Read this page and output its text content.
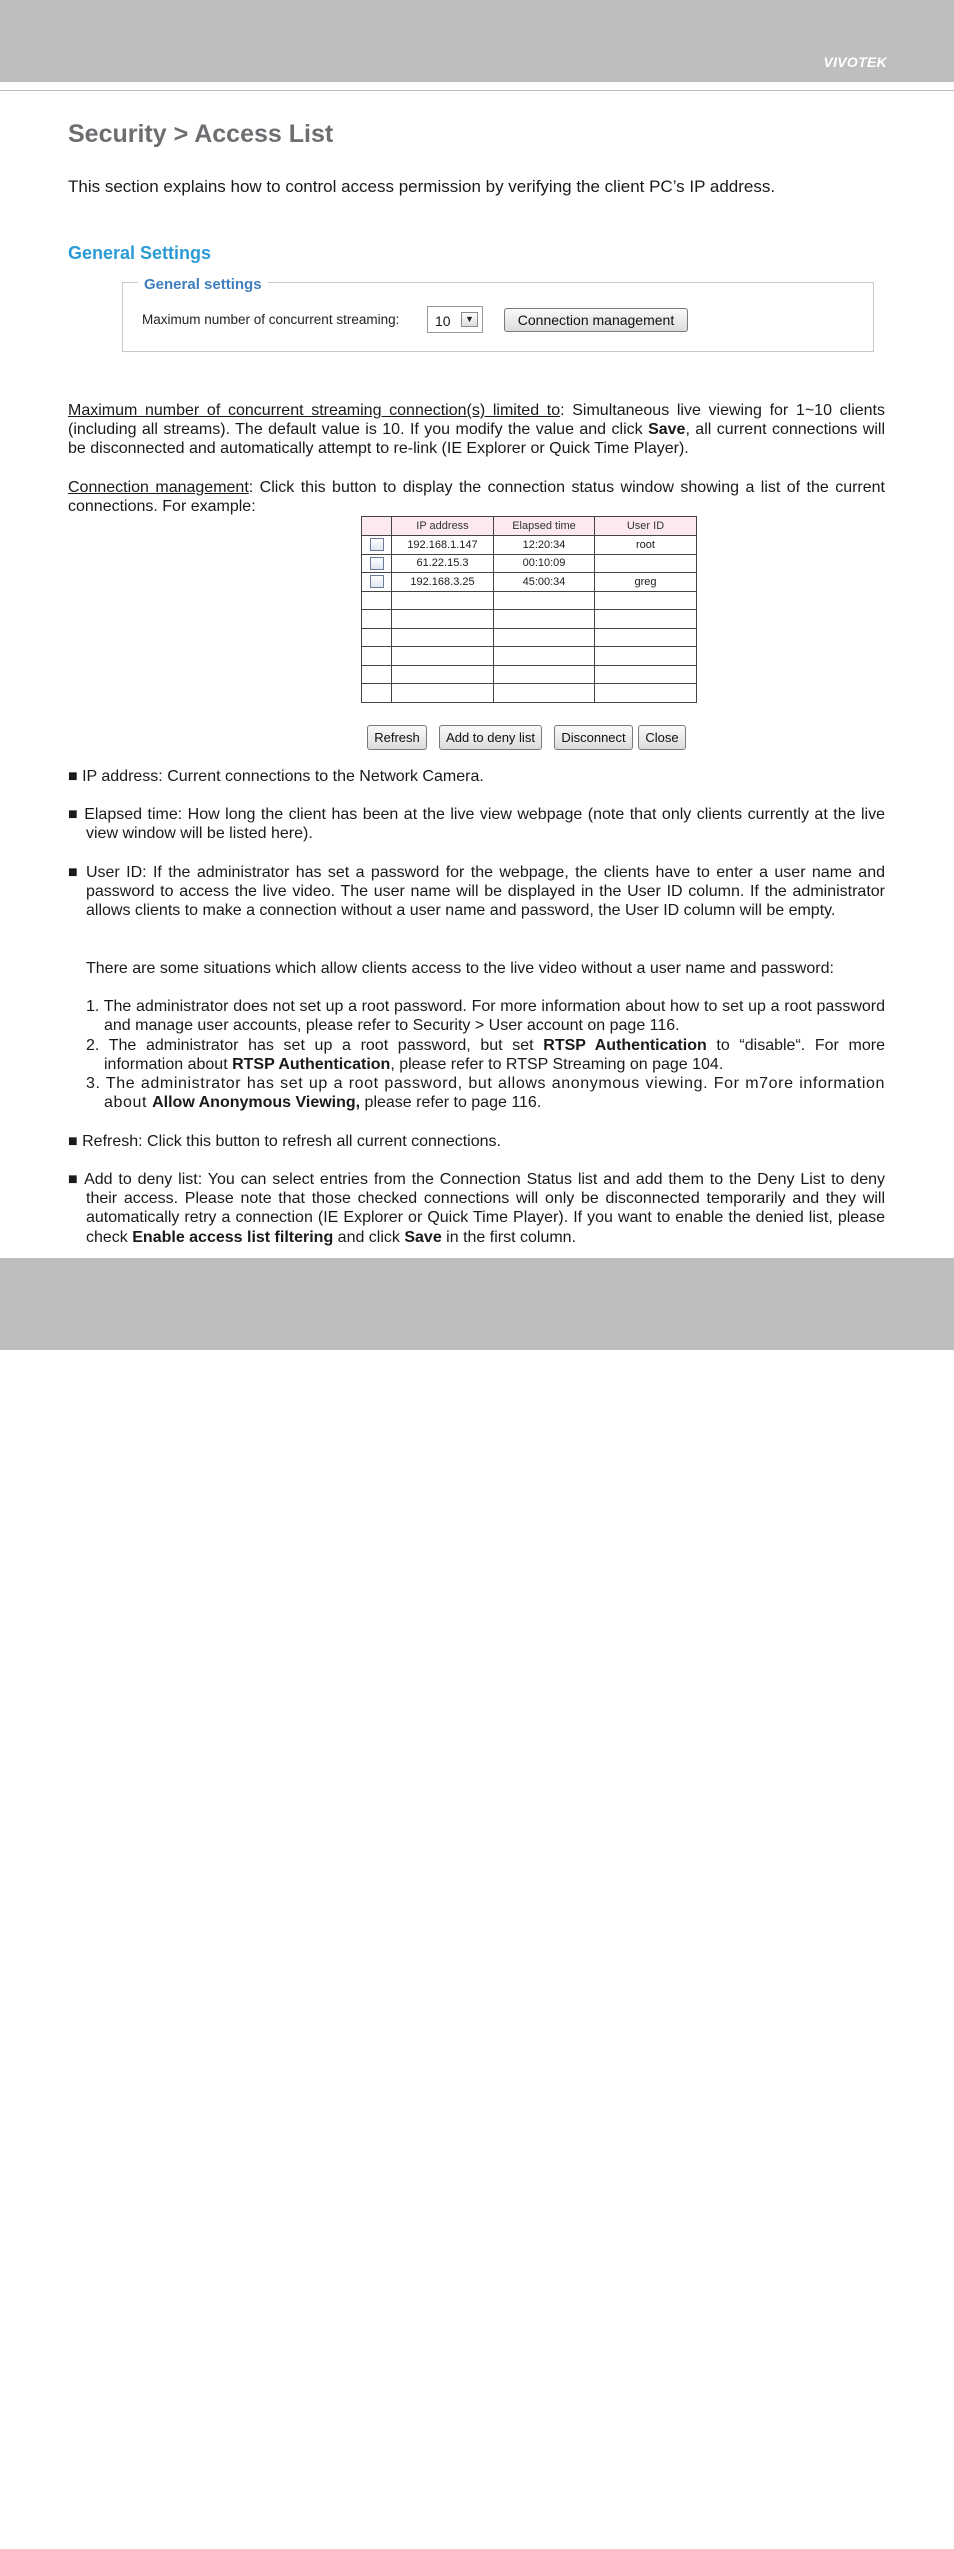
VIVOTEK
Security > Access List
This section explains how to control access permission by verifying the client PC’s IP address.
General Settings
General settings
Maximum number of concurrent streaming:	10	▼	Connection management

Maximum number of concurrent streaming connection(s) limited to: Simultaneous live viewing for 1~10 clients (including all streams). The default value is 10. If you modify the value and click Save, all current connections will be disconnected and automatically attempt to re-link (IE Explorer or Quick Time Player).

Connection management: Click this button to display the connection status window showing a list of the current connections. For example:

	IP address	Elapsed time	User ID
	192.168.1.147	12:20:34	root
	61.22.15.3	00:10:09	
	192.168.3.25	45:00:34	greg

Refresh	Add to deny list	Disconnect	Close

■ IP address: Current connections to the Network Camera.

■ Elapsed time: How long the client has been at the live view webpage (note that only clients currently at the live view window will be listed here).

■ User ID: If the administrator has set a password for the webpage, the clients have to enter a user name and password to access the live video. The user name will be displayed in the User ID column. If the administrator allows clients to make a connection without a user name and password, the User ID column will be empty.

There are some situations which allow clients access to the live video without a user name and password:

1. The administrator does not set up a root password. For more information about how to set up a root password and manage user accounts, please refer to Security > User account on page 116.

2. The administrator has set up a root password, but set RTSP Authentication to “disable“. For more information about RTSP Authentication, please refer to RTSP Streaming on page 104.

3. The administrator has set up a root password, but allows anonymous viewing. For m7ore information about Allow Anonymous Viewing, please refer to page 116.

■ Refresh: Click this button to refresh all current connections.

■ Add to deny list: You can select entries from the Connection Status list and add them to the Deny List to deny their access. Please note that those checked connections will only be disconnected temporarily and they will automatically retry a connection (IE Explorer or Quick Time Player). If you want to enable the denied list, please check Enable access list filtering and click Save in the first column.

User's Manual - 125
